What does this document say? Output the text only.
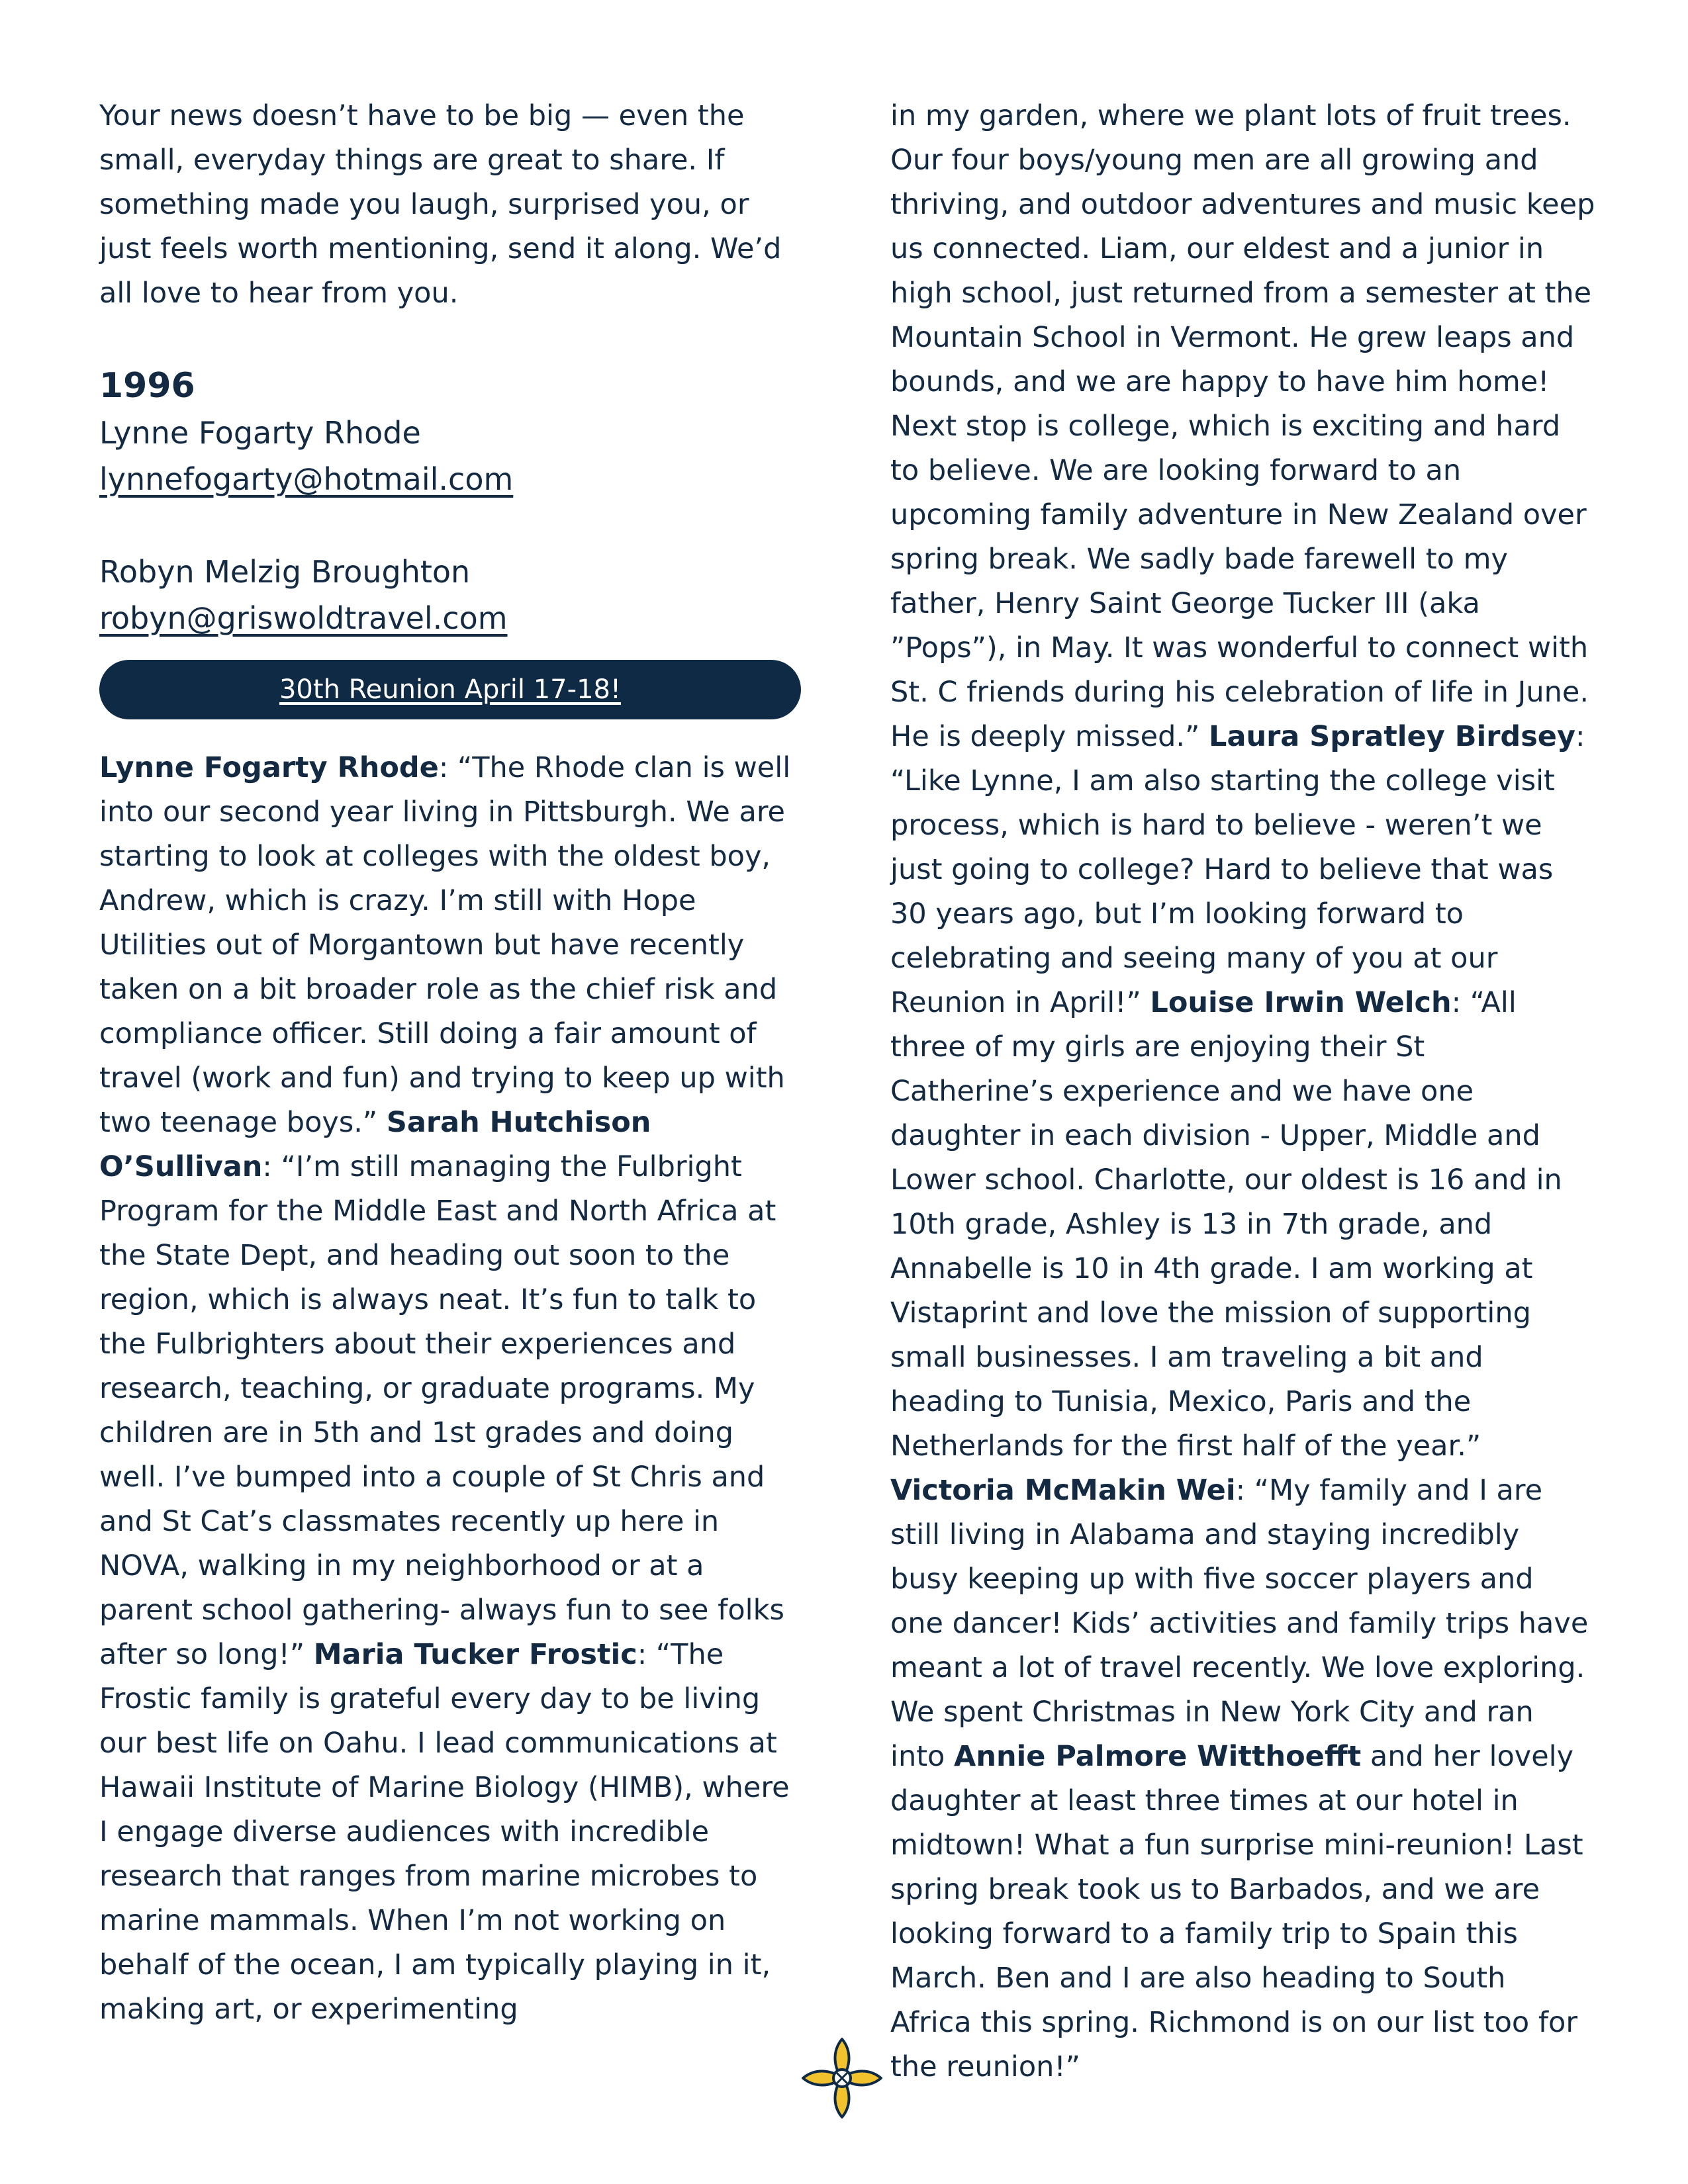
Your news doesn’t have to be big — even the small, everyday things are great to share. If something made you laugh, surprised you, or just feels worth mentioning, send it along. We’d all love to hear from you.

1996

Lynne Fogarty Rhode

lynnefogarty@hotmail.com

Robyn Melzig Broughton

robyn@griswoldtravel.com
30th Reunion April 17-18!

Lynne Fogarty Rhode: “The Rhode clan is well into our second year living in Pittsburgh. We are starting to look at colleges with the oldest boy, Andrew, which is crazy. I’m still with Hope Utilities out of Morgantown but have recently taken on a bit broader role as the chief risk and compliance officer. Still doing a fair amount of travel (work and fun) and trying to keep up with two teenage boys.” Sarah Hutchison O’Sullivan: “I’m still managing the Fulbright Program for the Middle East and North Africa at the State Dept, and heading out soon to the region, which is always neat. It’s fun to talk to the Fulbrighters about their experiences and research, teaching, or graduate programs. My children are in 5th and 1st grades and doing well. I’ve bumped into a couple of St Chris and and St Cat’s classmates recently up here in NOVA, walking in my neighborhood or at a parent school gathering- always fun to see folks after so long!” Maria Tucker Frostic: “The Frostic family is grateful every day to be living our best life on Oahu. I lead communications at Hawaii Institute of Marine Biology (HIMB), where I engage diverse audiences with incredible research that ranges from marine microbes to marine mammals. When I’m not working on behalf of the ocean, I am typically playing in it, making art, or experimenting

in my garden, where we plant lots of fruit trees. Our four boys/young men are all growing and thriving, and outdoor adventures and music keep us connected. Liam, our eldest and a junior in high school, just returned from a semester at the Mountain School in Vermont. He grew leaps and bounds, and we are happy to have him home! Next stop is college, which is exciting and hard to believe. We are looking forward to an upcoming family adventure in New Zealand over spring break. We sadly bade farewell to my father, Henry Saint George Tucker III (aka ”Pops”), in May. It was wonderful to connect with St. C friends during his celebration of life in June. He is deeply missed.” Laura Spratley Birdsey: “Like Lynne, I am also starting the college visit process, which is hard to believe - weren’t we just going to college? Hard to believe that was 30 years ago, but I’m looking forward to celebrating and seeing many of you at our Reunion in April!” Louise Irwin Welch: “All three of my girls are enjoying their St Catherine’s experience and we have one daughter in each division - Upper, Middle and Lower school. Charlotte, our oldest is 16 and in 10th grade, Ashley is 13 in 7th grade, and Annabelle is 10 in 4th grade. I am working at Vistaprint and love the mission of supporting small businesses. I am traveling a bit and heading to Tunisia, Mexico, Paris and the Netherlands for the first half of the year.” Victoria McMakin Wei: “My family and I are still living in Alabama and staying incredibly busy keeping up with five soccer players and one dancer! Kids’ activities and family trips have meant a lot of travel recently. We love exploring. We spent Christmas in New York City and ran into Annie Palmore Witthoefft and her lovely daughter at least three times at our hotel in midtown! What a fun surprise mini-reunion! Last spring break took us to Barbados, and we are looking forward to a family trip to Spain this March. Ben and I are also heading to South Africa this spring. Richmond is on our list too for the reunion!”
